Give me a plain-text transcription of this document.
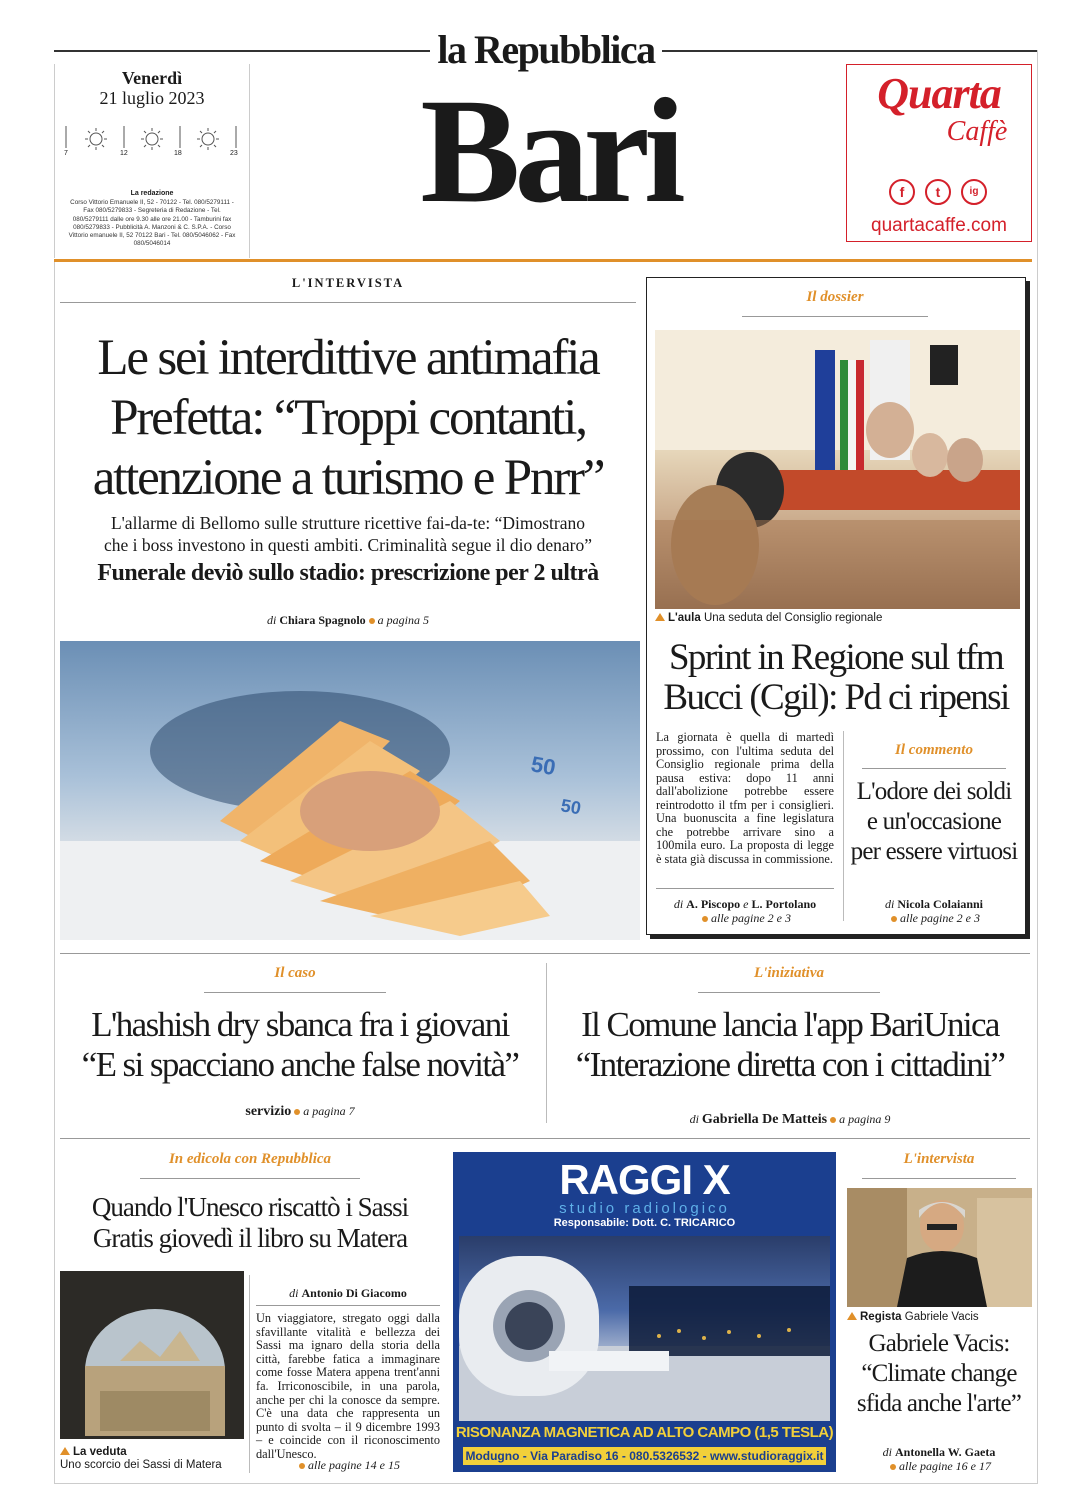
la Repubblica
Bari
Venerdì
21 luglio 2023
7	12	18	23
La redazione
Corso Vittorio Emanuele II, 52 - 70122 - Tel. 080/5279111 - Fax 080/5279833 - Segreteria di Redazione - Tel. 080/5279111 dalle ore 9.30 alle ore 21.00 - Tamburini fax 080/5279833 - Pubblicità A. Manzoni & C. S.P.A. - Corso Vittorio emanuele II, 52 70122 Bari - Tel. 080/5046062 - Fax 080/5046014
Quarta
Caffè
f	t	ig
quartacaffe.com
L'INTERVISTA
Le sei interdittive antimafia
Prefetta: “Troppi contanti,
attenzione a turismo e Pnrr”
L'allarme di Bellomo sulle strutture ricettive fai-da-te: “Dimostrano
che i boss investono in questi ambiti. Criminalità segue il dio denaro”
Funerale deviò sullo stadio: prescrizione per 2 ultrà
di Chiara Spagnolo a pagina 5
50
50
Il dossier
L'aula Una seduta del Consiglio regionale
Sprint in Regione sul tfm
Bucci (Cgil): Pd ci ripensi
La giornata è quella di martedì prossimo, con l'ultima seduta del Consiglio regionale prima della pausa estiva: dopo 11 anni dall'abolizione potrebbe essere reintrodotto il tfm per i consiglieri. Una buonuscita a fine legislatura che potrebbe arrivare sino a 100mila euro. La proposta di legge è stata già discussa in commissione.
di A. Piscopo e L. Portolano
alle pagine 2 e 3
Il commento
L'odore dei soldi
e un'occasione
per essere virtuosi
di Nicola Colaianni
alle pagine 2 e 3
Il caso
L'hashish dry sbanca fra i giovani
“E si spacciano anche false novità”
servizio a pagina 7
L'iniziativa
Il Comune lancia l'app BariUnica
“Interazione diretta con i cittadini”
di Gabriella De Matteis a pagina 9
In edicola con Repubblica
Quando l'Unesco riscattò i Sassi
Gratis giovedì il libro su Matera
La veduta
Uno scorcio dei Sassi di Matera
di Antonio Di Giacomo
Un viaggiatore, stregato oggi dalla sfavillante vitalità e bellezza dei Sassi ma ignaro della storia della città, farebbe fatica a immaginare come fosse Matera appena trent'anni fa. Irriconoscibile, in una parola, anche per chi la conosce da sempre. C'è una data che rappresenta un punto di svolta – il 9 dicembre 1993 – e coincide con il riconoscimento dall'Unesco.
alle pagine 14 e 15
RAGGI X
studio radiologico
Responsabile: Dott. C. TRICARICO
RISONANZA MAGNETICA AD ALTO CAMPO (1,5 TESLA)
Modugno - Via Paradiso 16 - 080.5326532 - www.studioraggix.it
L'intervista
Regista Gabriele Vacis
Gabriele Vacis:
“Climate change
sfida anche l'arte”
di Antonella W. Gaeta
alle pagine 16 e 17
